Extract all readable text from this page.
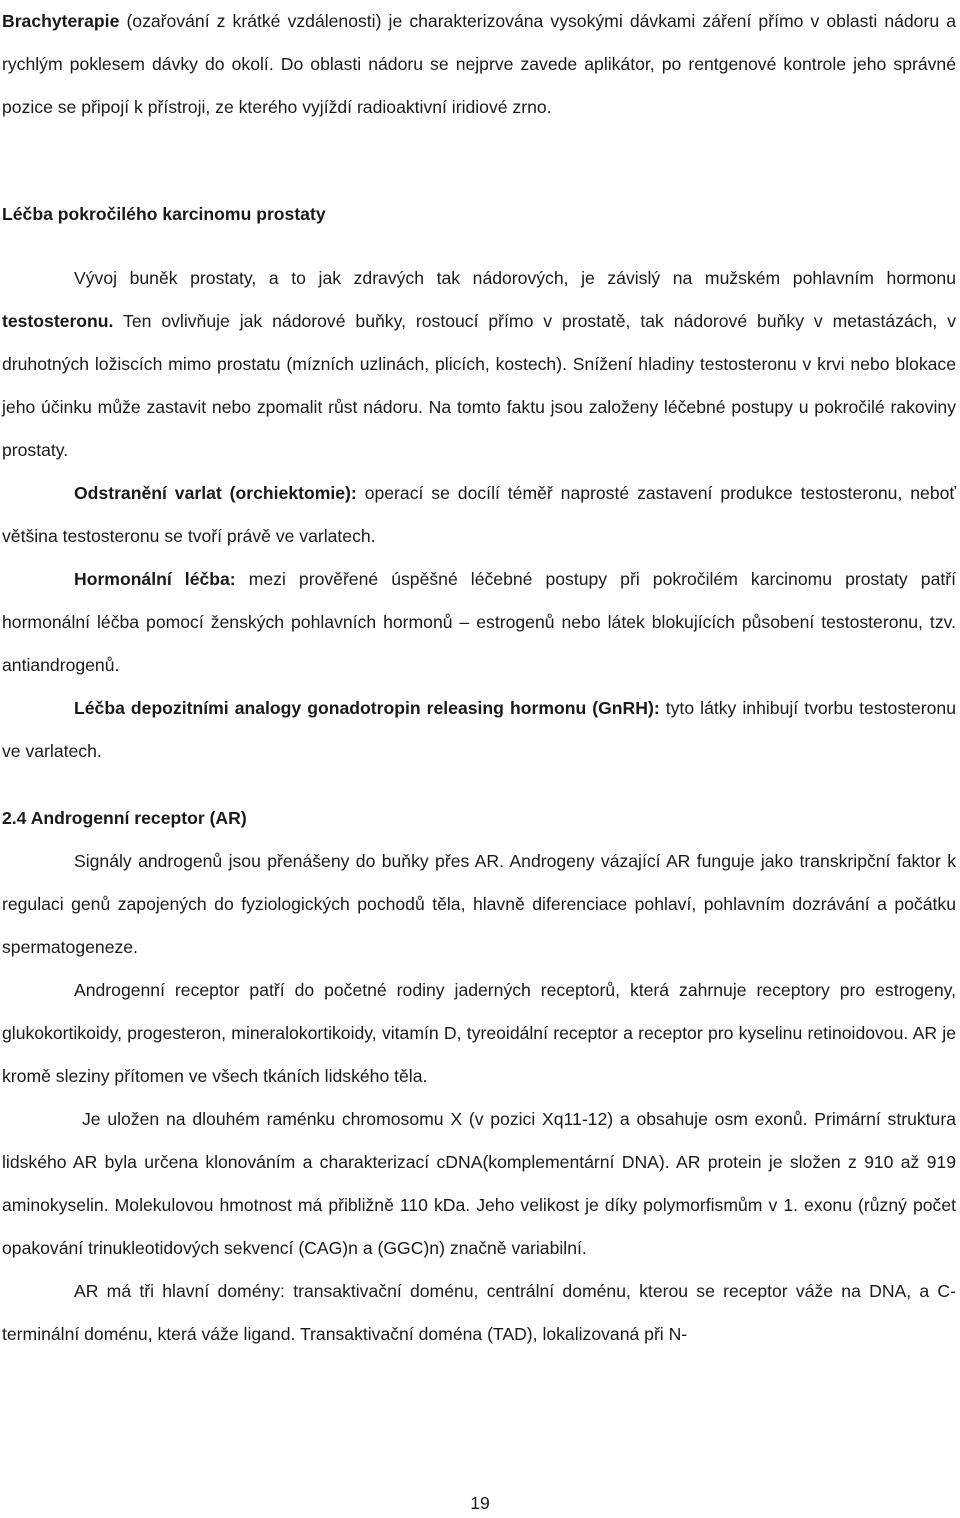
Brachyterapie (ozařování z krátké vzdálenosti) je charakterizována vysokými dávkami záření přímo v oblasti nádoru a rychlým poklesem dávky do okolí. Do oblasti nádoru se nejprve zavede aplikátor, po rentgenové kontrole jeho správné pozice se připojí k přístroji, ze kterého vyjíždí radioaktivní iridiové zrno.

Léčba pokročilého karcinomu prostaty

Vývoj buněk prostaty, a to jak zdravých tak nádorových, je závislý na mužském pohlavním hormonu testosteronu. Ten ovlivňuje jak nádorové buňky, rostoucí přímo v prostatě, tak nádorové buňky v metastázách, v druhotných ložiscích mimo prostatu (mízních uzlinách, plicích, kostech). Snížení hladiny testosteronu v krvi nebo blokace jeho účinku může zastavit nebo zpomalit růst nádoru. Na tomto faktu jsou založeny léčebné postupy u pokročilé rakoviny prostaty.

Odstranění varlat (orchiektomie): operací se docílí téměř naprosté zastavení produkce testosteronu, neboť většina testosteronu se tvoří právě ve varlatech.

Hormonální léčba: mezi prověřené úspěšné léčebné postupy při pokročilém karcinomu prostaty patří hormonální léčba pomocí ženských pohlavních hormonů – estrogenů nebo látek blokujících působení testosteronu, tzv. antiandrogenů.

Léčba depozitními analogy gonadotropin releasing hormonu (GnRH): tyto látky inhibují tvorbu testosteronu ve varlatech.

2.4 Androgenní receptor (AR)

Signály androgenů jsou přenášeny do buňky přes AR. Androgeny vázající AR funguje jako transkripční faktor k regulaci genů zapojených do fyziologických pochodů těla, hlavně diferenciace pohlaví, pohlavním dozrávání a počátku spermatogeneze.

Androgenní receptor patří do početné rodiny jaderných receptorů, která zahrnuje receptory pro estrogeny, glukokortikoidy, progesteron, mineralokortikoidy, vitamín D, tyreoidální receptor a receptor pro kyselinu retinoidovou. AR je kromě sleziny přítomen ve všech tkáních lidského těla.

Je uložen na dlouhém raménku chromosomu X (v pozici Xq11-12) a obsahuje osm exonů. Primární struktura lidského AR byla určena klonováním a charakterizací cDNA(komplementární DNA). AR protein je složen z 910 až 919 aminokyselin. Molekulovou hmotnost má přibližně 110 kDa. Jeho velikost je díky polymorfismům v 1. exonu (různý počet opakování trinukleotidových sekvencí (CAG)n a (GGC)n) značně variabilní.

AR má tři hlavní domény: transaktivační doménu, centrální doménu, kterou se receptor váže na DNA, a C-terminální doménu, která váže ligand. Transaktivační doména (TAD), lokalizovaná při N-

19
